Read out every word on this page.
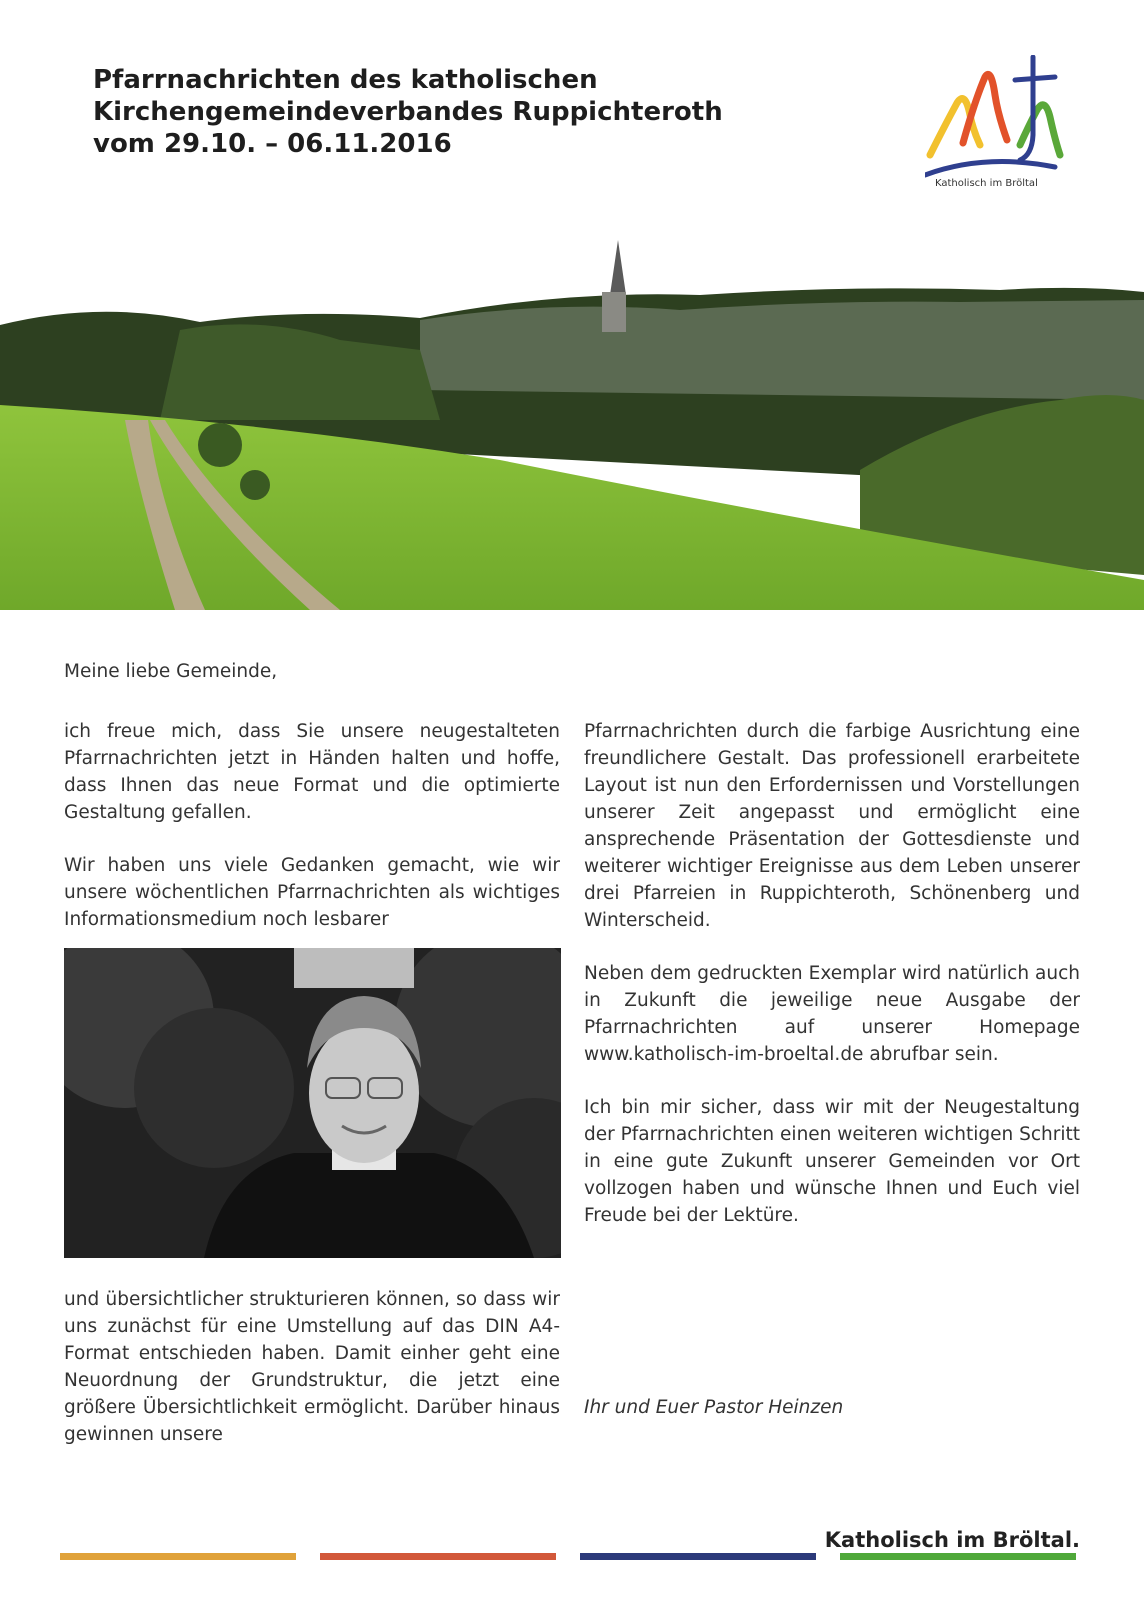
Pfarrnachrichten des katholischen
Kirchengemeindeverbandes Ruppichteroth
vom 29.10. – 06.11.2016
Katholisch im Bröltal
Meine liebe Gemeinde,

ich freue mich, dass Sie unsere neugestalteten Pfarrnachrichten jetzt in Händen halten und hoffe, dass Ihnen das neue Format und die optimierte Gestaltung gefallen.

Wir haben uns viele Gedanken gemacht, wie wir unsere wöchentlichen Pfarrnachrichten als wichtiges Informationsmedium noch lesbarer

und übersichtlicher strukturieren können, so dass wir uns zunächst für eine Umstellung auf das DIN A4-Format entschieden haben. Damit einher geht eine Neuordnung der Grundstruktur, die jetzt eine größere Übersichtlichkeit ermöglicht. Darüber hinaus gewinnen unsere

Pfarrnachrichten durch die farbige Ausrichtung eine freundlichere Gestalt. Das professionell erarbeitete Layout ist nun den Erfordernissen und Vorstellungen unserer Zeit angepasst und ermöglicht eine ansprechende Präsentation der Gottesdienste und weiterer wichtiger Ereignisse aus dem Leben unserer drei Pfarreien in Ruppichteroth, Schönenberg und Winterscheid.

Neben dem gedruckten Exemplar wird natürlich auch in Zukunft die jeweilige neue Ausgabe der Pfarrnachrichten auf unserer Homepage www.katholisch-im-broeltal.de abrufbar sein.

Ich bin mir sicher, dass wir mit der Neugestaltung der Pfarrnachrichten einen weiteren wichtigen Schritt in eine gute Zukunft unserer Gemeinden vor Ort vollzogen haben und wünsche Ihnen und Euch viel Freude bei der Lektüre.

Ihr und Euer Pastor Heinzen
Katholisch im Bröltal.
